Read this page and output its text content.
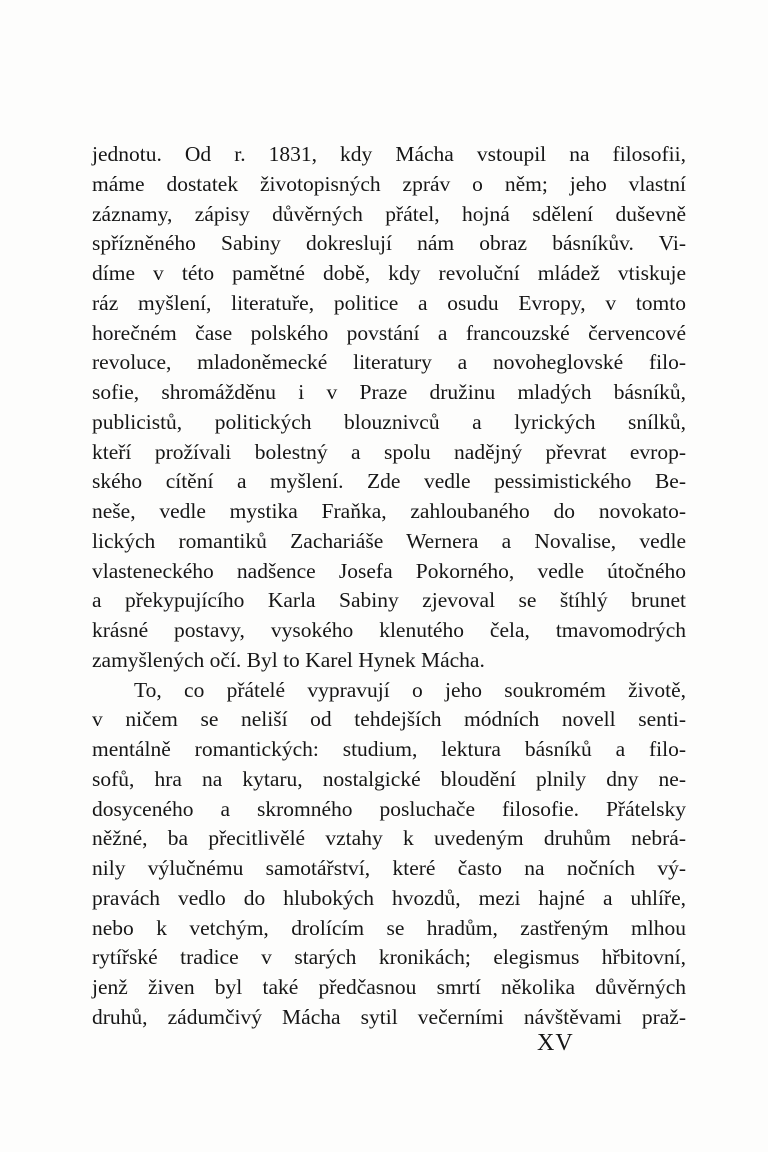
jednotu. Od r. 1831, kdy Mácha vstoupil na filosofii,
máme dostatek životopisných zpráv o něm; jeho vlastní
záznamy, zápisy důvěrných přátel, hojná sdělení duševně
spřízněného Sabiny dokreslují nám obraz básníkův. Vi-
díme v této pamětné době, kdy revoluční mládež vtiskuje
ráz myšlení, literatuře, politice a osudu Evropy, v tomto
horečném čase polského povstání a francouzské červencové
revoluce, mladoněmecké literatury a novoheglovské filo-
sofie, shromážděnu i v Praze družinu mladých básníků,
publicistů, politických blouznivců a lyrických snílků,
kteří prožívali bolestný a spolu nadějný převrat evrop-
ského cítění a myšlení. Zde vedle pessimistického Be-
neše, vedle mystika Fraňka, zahloubaného do novokato-
lických romantiků Zachariáše Wernera a Novalise, vedle
vlasteneckého nadšence Josefa Pokorného, vedle útočného
a překypujícího Karla Sabiny zjevoval se štíhlý brunet
krásné postavy, vysokého klenutého čela, tmavomodrých
zamyšlených očí. Byl to Karel Hynek Mácha.
To, co přátelé vypravují o jeho soukromém životě,
v ničem se neliší od tehdejších módních novell senti-
mentálně romantických: studium, lektura básníků a filo-
sofů, hra na kytaru, nostalgické bloudění plnily dny ne-
dosyceného a skromného posluchače filosofie. Přátelsky
něžné, ba přecitlivělé vztahy k uvedeným druhům nebrá-
nily výlučnému samotářství, které často na nočních vý-
pravách vedlo do hlubokých hvozdů, mezi hajné a uhlíře,
nebo k vetchým, drolícím se hradům, zastřeným mlhou
rytířské tradice v starých kronikách; elegismus hřbitovní,
jenž živen byl také předčasnou smrtí několika důvěrných
druhů, zádumčivý Mácha sytil večerními návštěvami praž-
XV
